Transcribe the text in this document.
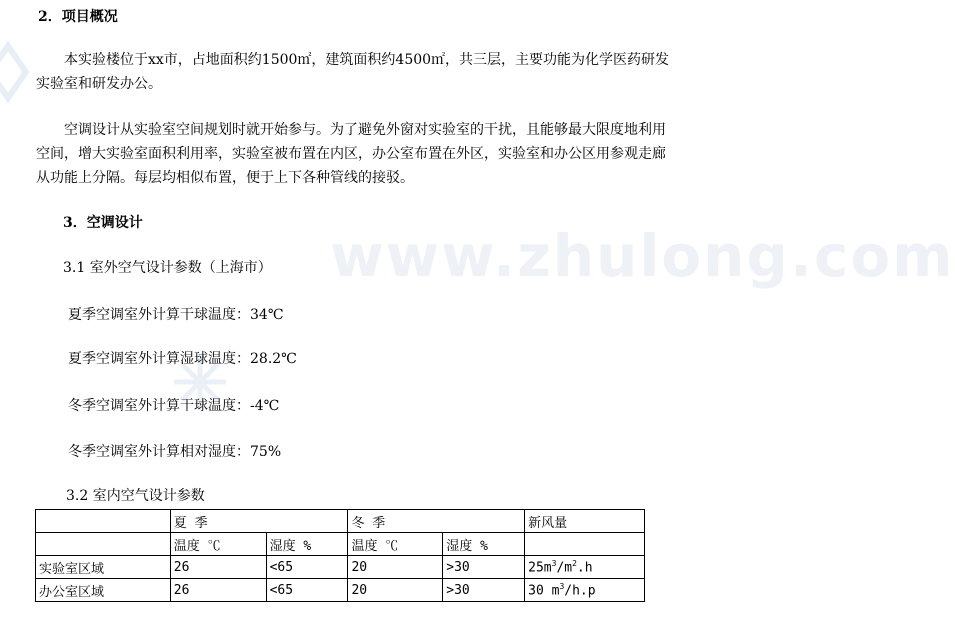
www.zhulong.com
2．项目概况
本实验楼位于xx市，占地面积约1500㎡，建筑面积约4500㎡，共三层，主要功能为化学医药研发实验室和研发办公。
空调设计从实验室空间规划时就开始参与。为了避免外窗对实验室的干扰，且能够最大限度地利用空间，增大实验室面积利用率，实验室被布置在内区，办公室布置在外区，实验室和办公区用参观走廊从功能上分隔。每层均相似布置，便于上下各种管线的接驳。
3．空调设计
3.1 室外空气设计参数（上海市）
夏季空调室外计算干球温度：34℃
夏季空调室外计算湿球温度：28.2℃
冬季空调室外计算干球温度：-4℃
冬季空调室外计算相对湿度：75%
3.2 室内空气设计参数
	夏 季		冬 季		新风量
	温度 ℃	湿度 %	温度 ℃	湿度 %	
实验室区域	26	<65	20	>30	$25m^3/m^2.h$
办公室区域	26	<65	20	>30	30 $m^3/h.p$
